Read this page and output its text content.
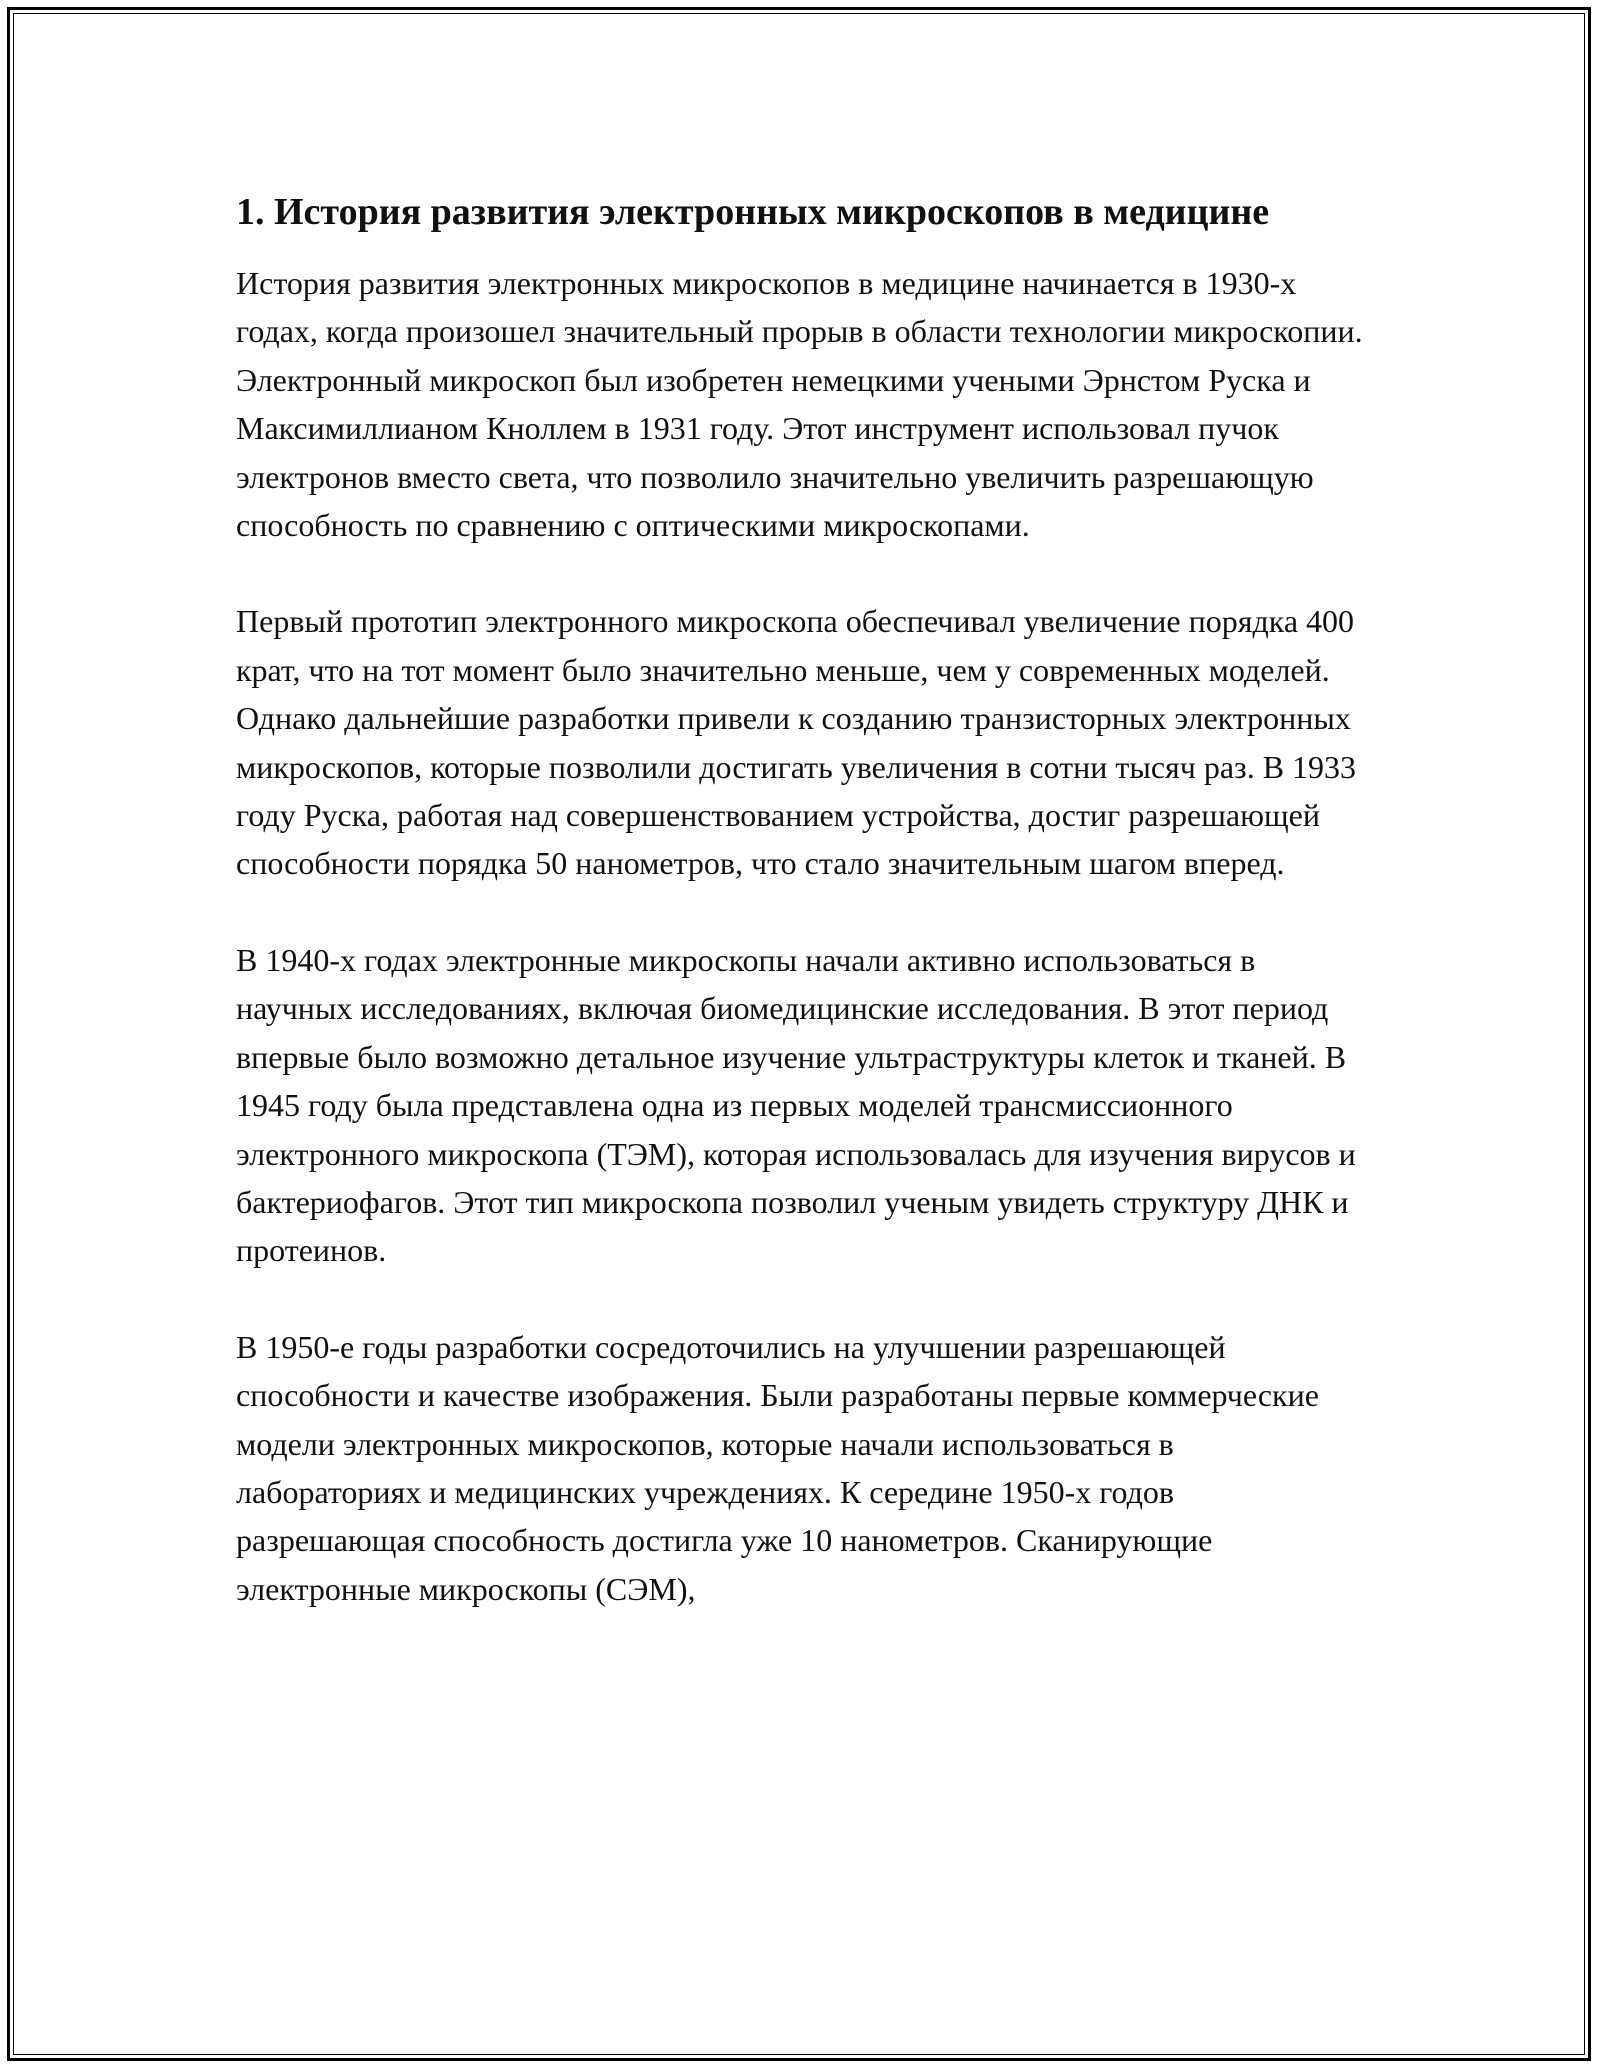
1. История развития электронных микроскопов в медицине

История развития электронных микроскопов в медицине начинается в 1930-х годах, когда произошел значительный прорыв в области технологии микроскопии. Электронный микроскоп был изобретен немецкими учеными Эрнстом Руска и Максимиллианом Кноллем в 1931 году. Этот инструмент использовал пучок электронов вместо света, что позволило значительно увеличить разрешающую способность по сравнению с оптическими микроскопами.

Первый прототип электронного микроскопа обеспечивал увеличение порядка 400 крат, что на тот момент было значительно меньше, чем у современных моделей. Однако дальнейшие разработки привели к созданию транзисторных электронных микроскопов, которые позволили достигать увеличения в сотни тысяч раз. В 1933 году Руска, работая над совершенствованием устройства, достиг разрешающей способности порядка 50 нанометров, что стало значительным шагом вперед.

В 1940-х годах электронные микроскопы начали активно использоваться в научных исследованиях, включая биомедицинские исследования. В этот период впервые было возможно детальное изучение ультраструктуры клеток и тканей. В 1945 году была представлена одна из первых моделей трансмиссионного электронного микроскопа (ТЭМ), которая использовалась для изучения вирусов и бактериофагов. Этот тип микроскопа позволил ученым увидеть структуру ДНК и протеинов.

В 1950-е годы разработки сосредоточились на улучшении разрешающей способности и качестве изображения. Были разработаны первые коммерческие модели электронных микроскопов, которые начали использоваться в лабораториях и медицинских учреждениях. К середине 1950-х годов разрешающая способность достигла уже 10 нанометров. Сканирующие электронные микроскопы (СЭМ),
